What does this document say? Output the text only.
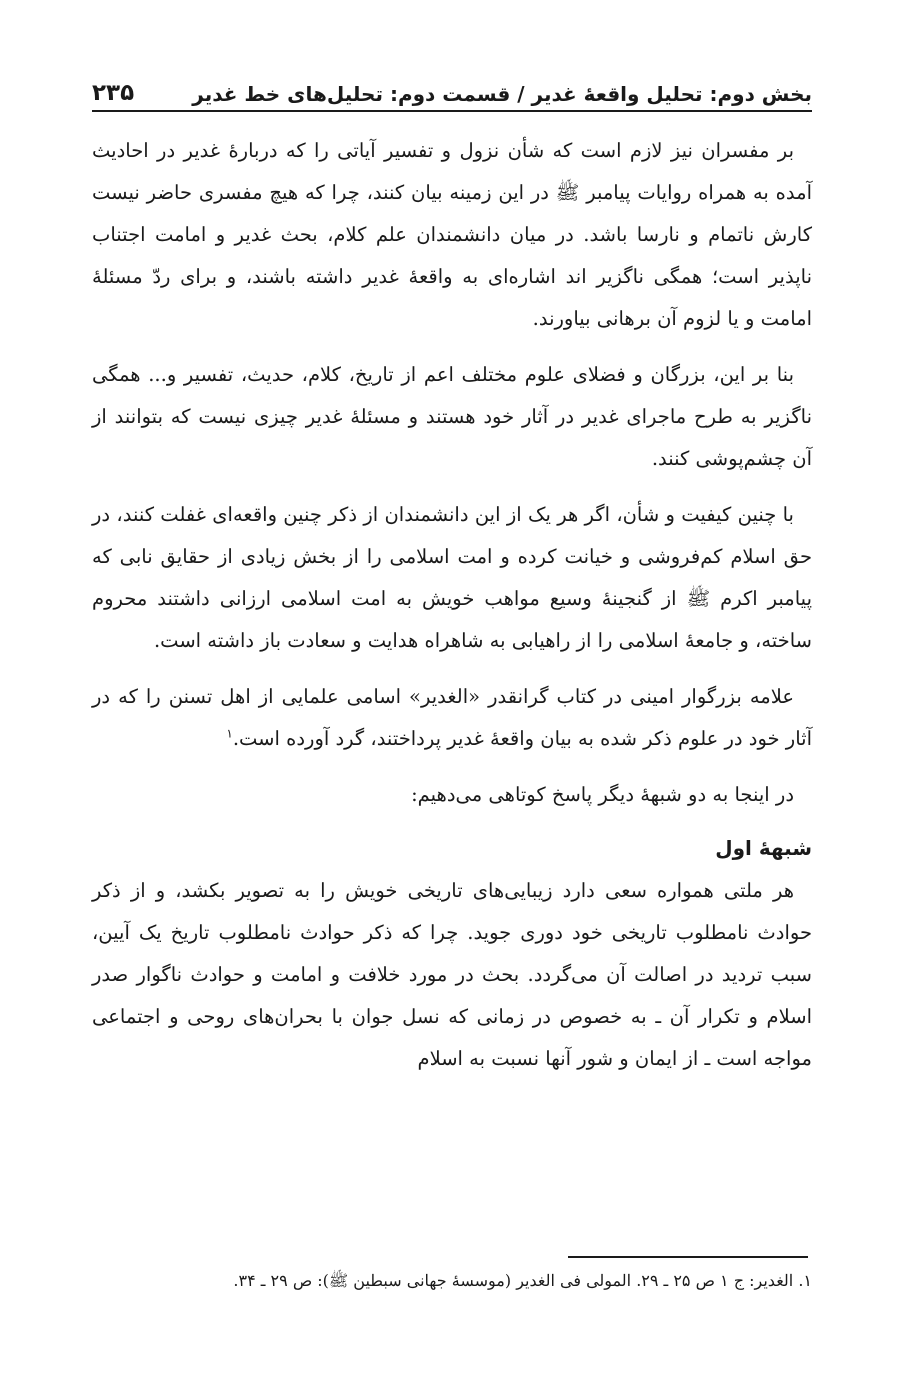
بخش دوم: تحلیل واقعهٔ غدیر / قسمت دوم: تحلیل‌های خط غدیر
۲۳۵

بر مفسران نیز لازم است که شأن نزول و تفسیر آیاتی را که دربارهٔ غدیر در احادیث آمده به همراه روایات پیامبر ﷺ در این زمینه بیان کنند، چرا که هیچ مفسری حاضر نیست کارش ناتمام و نارسا باشد. در میان دانشمندان علم کلام، بحث غدیر و امامت اجتناب ناپذیر است؛ همگی ناگزیر اند اشاره‌ای به واقعهٔ غدیر داشته باشند، و برای ردّ مسئلهٔ امامت و یا لزوم آن برهانی بیاورند.

بنا بر این، بزرگان و فضلای علوم مختلف اعم از تاریخ، کلام، حدیث، تفسیر و... همگی ناگزیر به طرح ماجرای غدیر در آثار خود هستند و مسئلهٔ غدیر چیزی نیست که بتوانند از آن چشم‌پوشی کنند.

با چنین کیفیت و شأن، اگر هر یک از این دانشمندان از ذکر چنین واقعه‌ای غفلت کنند، در حق اسلام کم‌فروشی و خیانت کرده و امت اسلامی را از بخش زیادی از حقایق نابی که پیامبر اکرم ﷺ از گنجینهٔ وسیع مواهب خویش به امت اسلامی ارزانی داشتند محروم ساخته، و جامعهٔ اسلامی را از راهیابی به شاهراه هدایت و سعادت باز داشته است.

علامه بزرگوار امینی در کتاب گرانقدر «الغدیر» اسامی علمایی از اهل تسنن را که در آثار خود در علوم ذکر شده به بیان واقعهٔ غدیر پرداختند، گرد آورده است.$^۱$

در اینجا به دو شبههٔ دیگر پاسخ کوتاهی می‌دهیم:

شبههٔ اول

هر ملتی همواره سعی دارد زیبایی‌های تاریخی خویش را به تصویر بکشد، و از ذکر حوادث نامطلوب تاریخی خود دوری جوید. چرا که ذکر حوادث نامطلوب تاریخ یک آیین، سبب تردید در اصالت آن می‌گردد. بحث در مورد خلافت و امامت و حوادث ناگوار صدر اسلام و تکرار آن ـ به خصوص در زمانی که نسل جوان با بحران‌های روحی و اجتماعی مواجه است ـ از ایمان و شور آنها نسبت به اسلام

۱. الغدیر: ج ۱ ص ۲۵ ـ ۲۹. المولی فی الغدیر (موسسهٔ جهانی سبطین ﷺ): ص ۲۹ ـ ۳۴.
